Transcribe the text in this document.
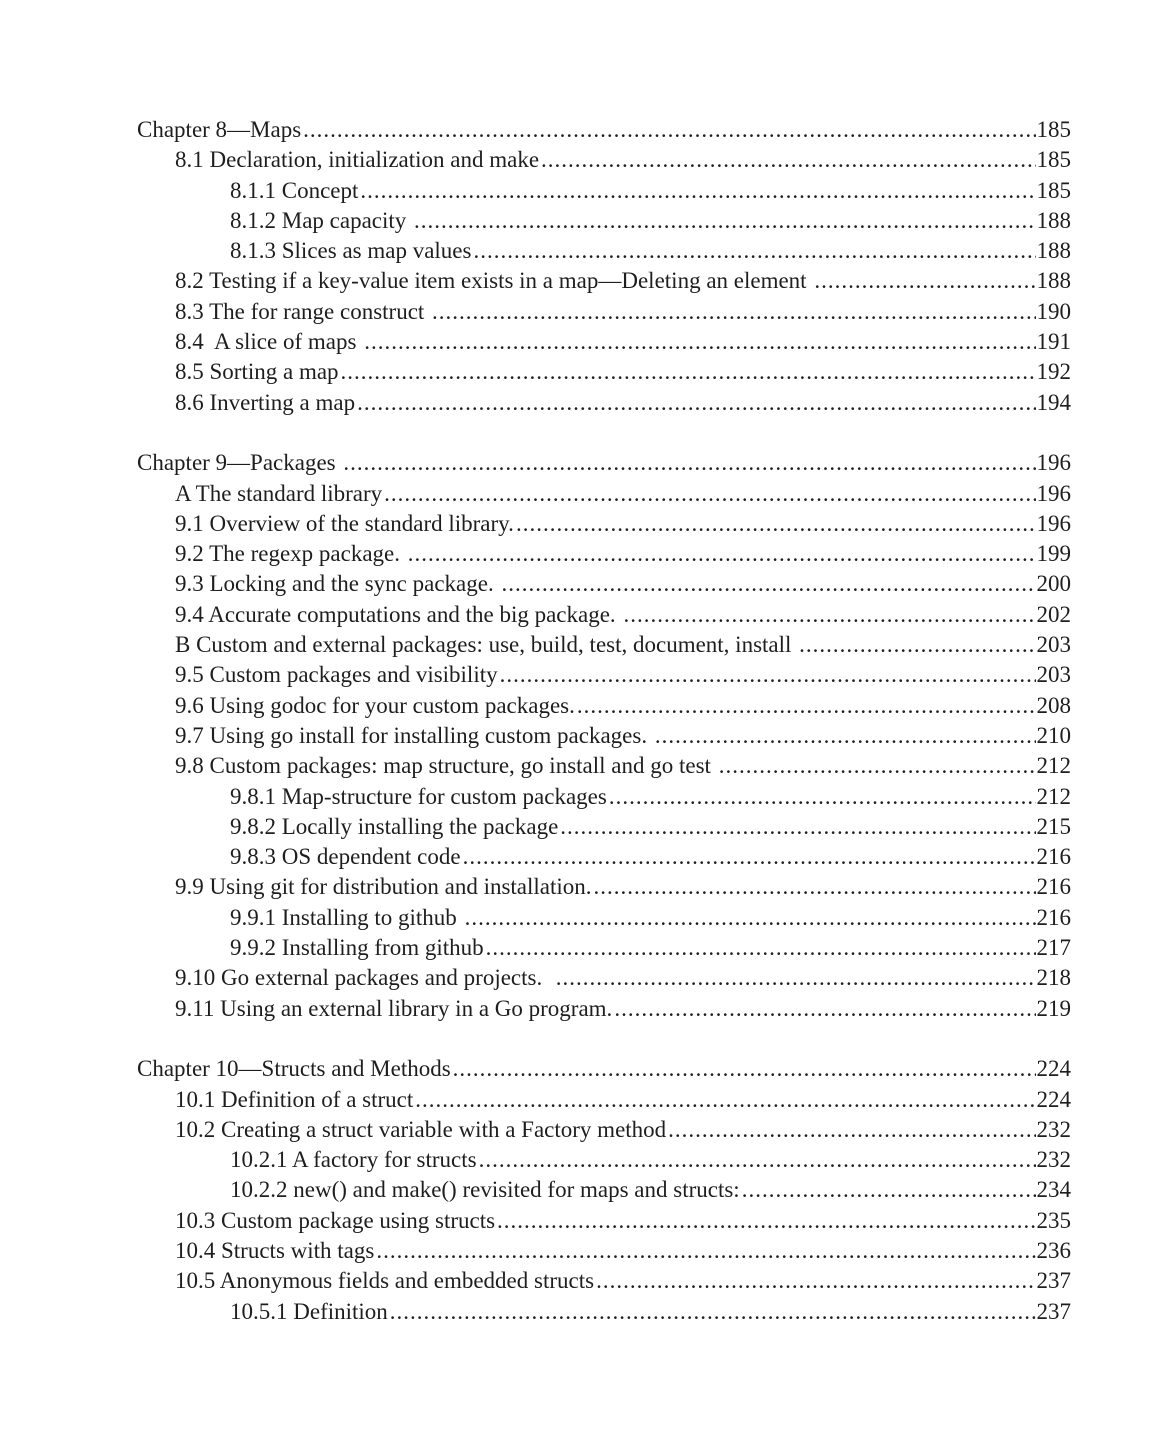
Chapter 8—Maps .....	185
8.1 Declaration, initialization and make .....	185
8.1.1 Concept .....	185
8.1.2 Map capacity .....	188
8.1.3 Slices as map values .....	188
8.2 Testing if a key-value item exists in a map—Deleting an element .....	188
8.3 The for range construct .....	190
8.4  A slice of maps .....	191
8.5 Sorting a map .....	192
8.6 Inverting a map .....	194
Chapter 9—Packages .....	196
A The standard library .....	196
9.1 Overview of the standard library. .....	196
9.2 The regexp package. .....	199
9.3 Locking and the sync package. .....	200
9.4 Accurate computations and the big package. .....	202
B Custom and external packages: use, build, test, document, install .....	203
9.5 Custom packages and visibility .....	203
9.6 Using godoc for your custom packages. .....	208
9.7 Using go install for installing custom packages. .....	210
9.8 Custom packages: map structure, go install and go test .....	212
9.8.1 Map-structure for custom packages .....	212
9.8.2 Locally installing the package .....	215
9.8.3 OS dependent code .....	216
9.9 Using git for distribution and installation. .....	216
9.9.1 Installing to github .....	216
9.9.2 Installing from github .....	217
9.10 Go external packages and projects. .....	218
9.11 Using an external library in a Go program. .....	219
Chapter 10—Structs and Methods .....	224
10.1 Definition of a struct .....	224
10.2 Creating a struct variable with a Factory method .....	232
10.2.1 A factory for structs .....	232
10.2.2 new() and make() revisited for maps and structs: .....	234
10.3 Custom package using structs .....	235
10.4 Structs with tags .....	236
10.5 Anonymous fields and embedded structs .....	237
10.5.1 Definition .....	237
